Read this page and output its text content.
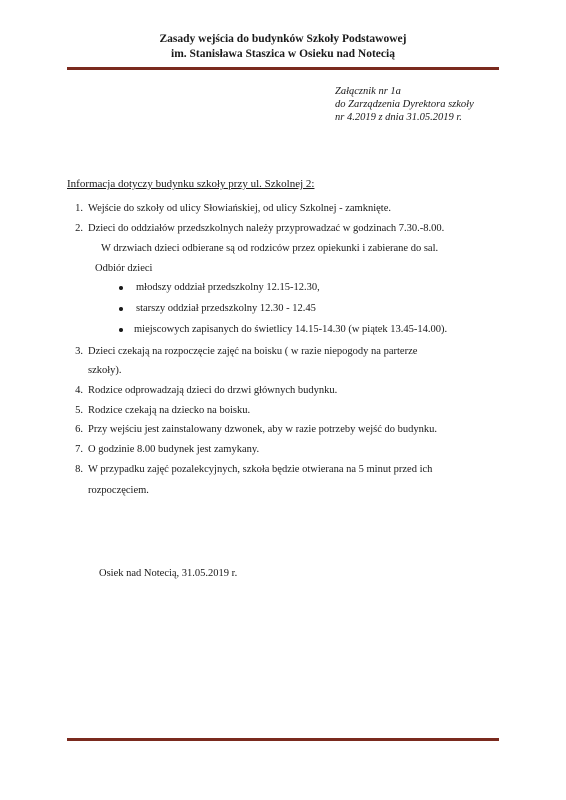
Zasady wejścia do budynków Szkoły Podstawowej
im. Stanisława Staszica w Osieku nad Notecią
Załącznik nr 1a
do Zarządzenia Dyrektora szkoły
nr 4.2019 z dnia 31.05.2019 r.
Informacja dotyczy budynku szkoły przy ul. Szkolnej 2:
1. Wejście do szkoły od ulicy Słowiańskiej, od ulicy Szkolnej - zamknięte.
2. Dzieci do oddziałów przedszkolnych należy przyprowadzać w godzinach 7.30.-8.00.
W drzwiach dzieci odbierane są od rodziców przez opiekunki i zabierane do sal.
Odbiór dzieci
młodszy oddział przedszkolny 12.15-12.30,
starszy oddział przedszkolny 12.30 - 12.45
miejscowych zapisanych do świetlicy 14.15-14.30 (w piątek 13.45-14.00).
3. Dzieci czekają na rozpoczęcie zajęć na boisku ( w razie niepogody na parterze
szkoły).
4. Rodzice odprowadzają dzieci do drzwi głównych budynku.
5. Rodzice czekają na dziecko na boisku.
6. Przy wejściu jest zainstalowany dzwonek, aby w razie potrzeby wejść do budynku.
7. O godzinie 8.00 budynek jest zamykany.
8. W przypadku zajęć pozalekcyjnych, szkoła będzie otwierana na 5 minut przed ich
rozpoczęciem.
Osiek nad Notecią, 31.05.2019 r.
